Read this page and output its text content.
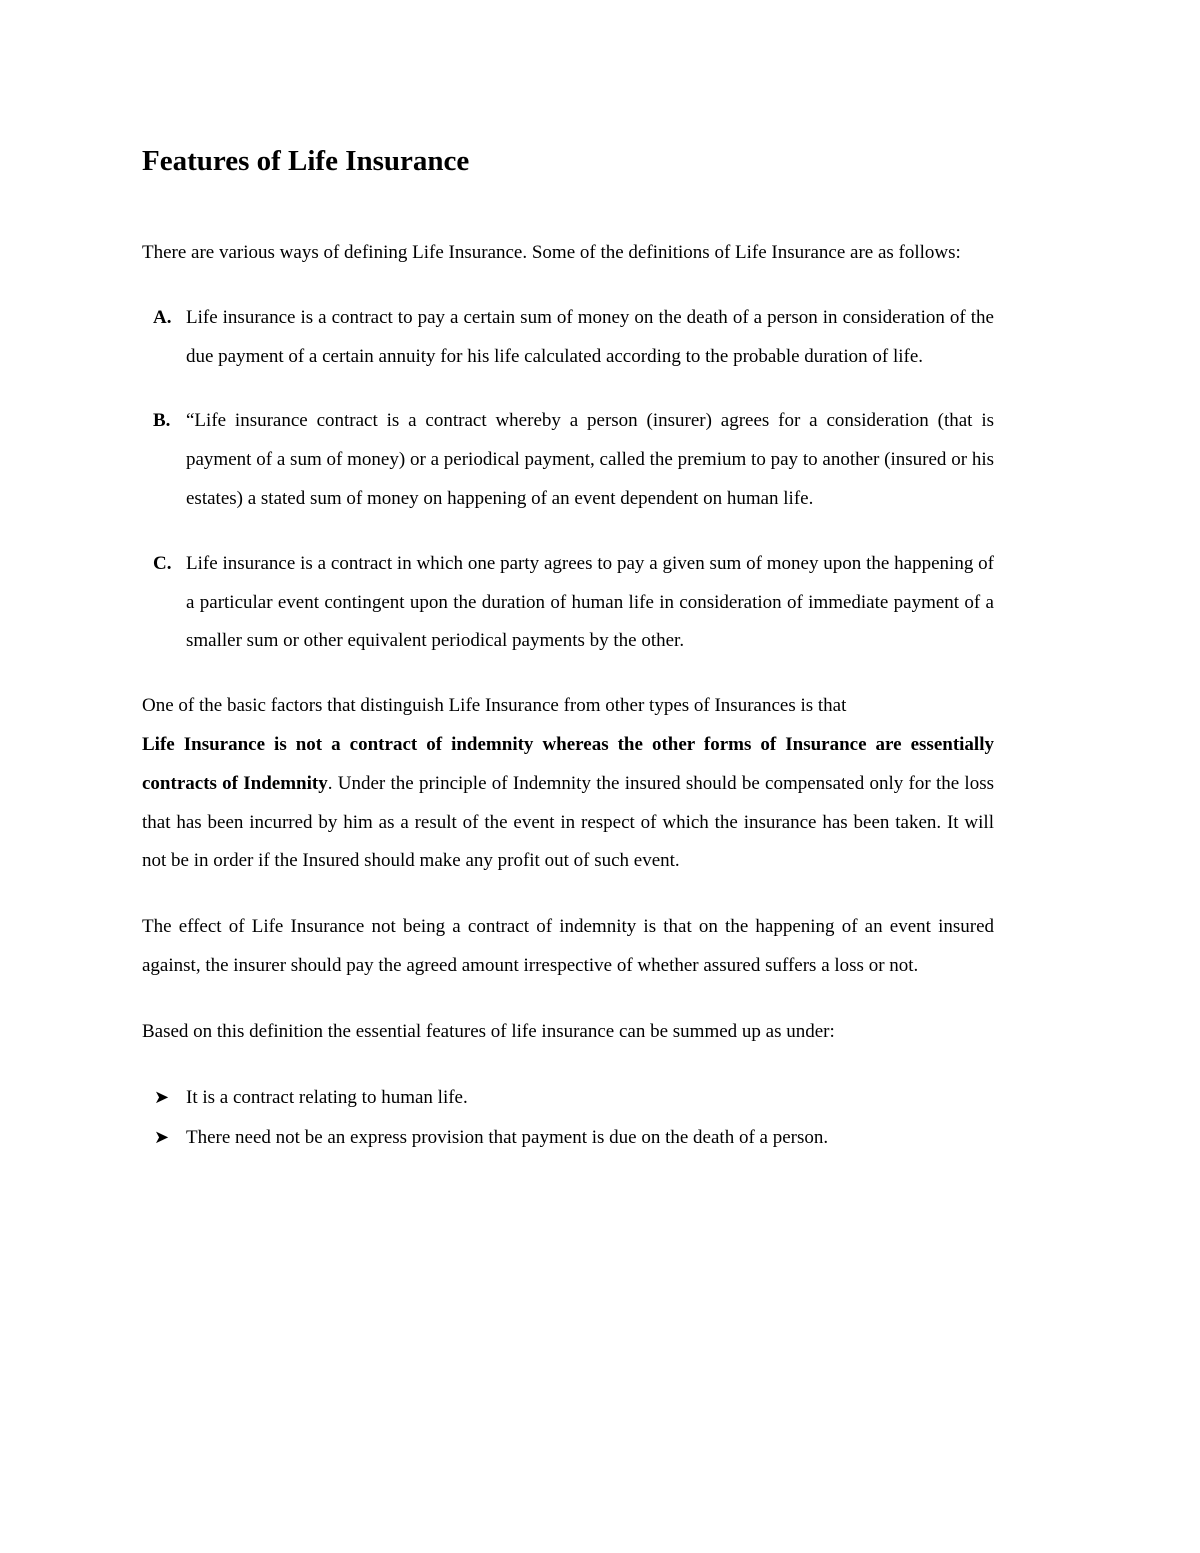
Features of Life Insurance

There are various ways of defining Life Insurance. Some of the definitions of Life Insurance are as follows:

A. Life insurance is a contract to pay a certain sum of money on the death of a person in consideration of the due payment of a certain annuity for his life calculated according to the probable duration of life.
B. “Life insurance contract is a contract whereby a person (insurer) agrees for a consideration (that is payment of a sum of money) or a periodical payment, called the premium to pay to another (insured or his estates) a stated sum of money on happening of an event dependent on human life.
C. Life insurance is a contract in which one party agrees to pay a given sum of money upon the happening of a particular event contingent upon the duration of human life in consideration of immediate payment of a smaller sum or other equivalent periodical payments by the other.

One of the basic factors that distinguish Life Insurance from other types of Insurances is that
Life Insurance is not a contract of indemnity whereas the other forms of Insurance are essentially contracts of Indemnity. Under the principle of Indemnity the insured should be compensated only for the loss that has been incurred by him as a result of the event in respect of which the insurance has been taken. It will not be in order if the Insured should make any profit out of such event.

The effect of Life Insurance not being a contract of indemnity is that on the happening of an event insured against, the insurer should pay the agreed amount irrespective of whether assured suffers a loss or not.

Based on this definition the essential features of life insurance can be summed up as under:

➤ It is a contract relating to human life.
➤ There need not be an express provision that payment is due on the death of a person.
